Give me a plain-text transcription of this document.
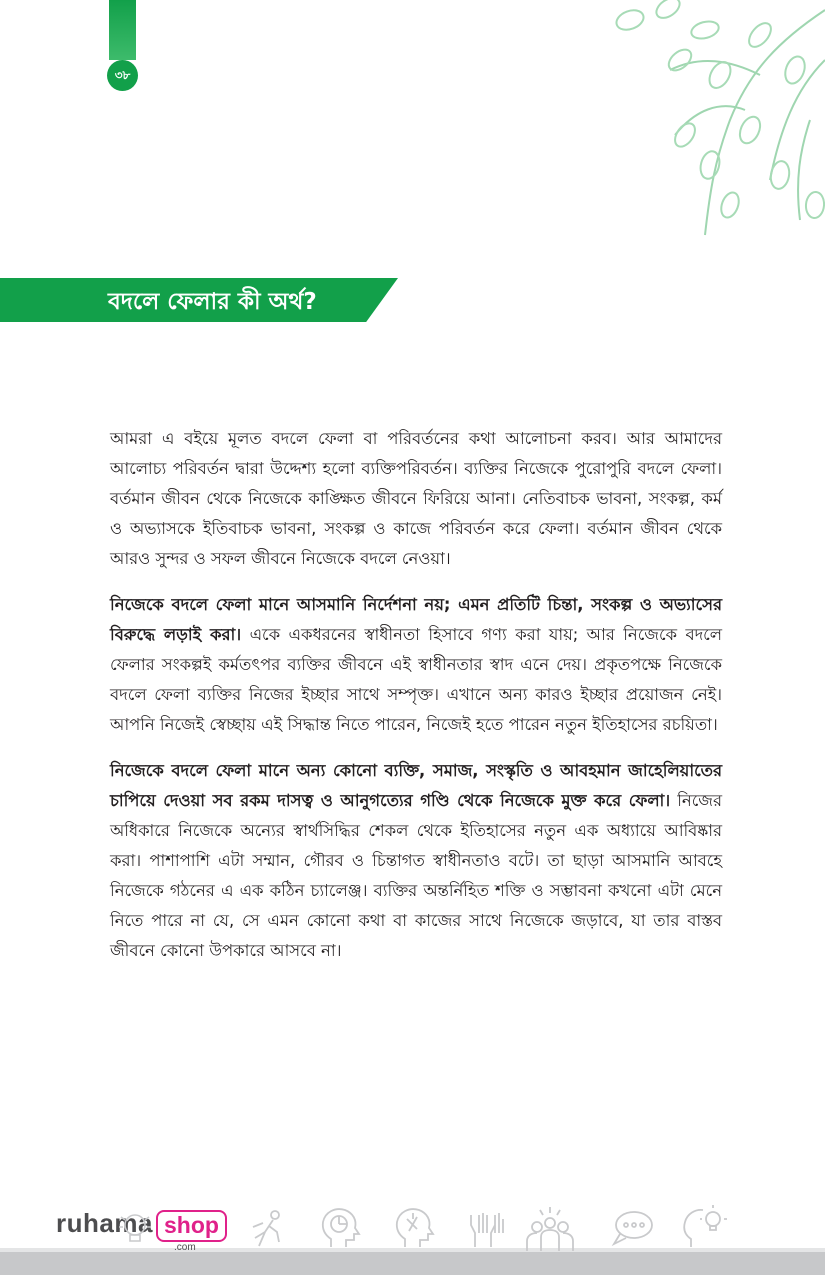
৩৮
বদলে ফেলার কী অর্থ?

আমরা এ বইয়ে মূলত বদলে ফেলা বা পরিবর্তনের কথা আলোচনা করব। আর আমাদের আলোচ্য পরিবর্তন দ্বারা উদ্দেশ্য হলো ব্যক্তিপরিবর্তন। ব্যক্তির নিজেকে পুরোপুরি বদলে ফেলা। বর্তমান জীবন থেকে নিজেকে কাঙ্ক্ষিত জীবনে ফিরিয়ে আনা। নেতিবাচক ভাবনা, সংকল্প, কর্ম ও অভ্যাসকে ইতিবাচক ভাবনা, সংকল্প ও কাজে পরিবর্তন করে ফেলা। বর্তমান জীবন থেকে আরও সুন্দর ও সফল জীবনে নিজেকে বদলে নেওয়া।

নিজেকে বদলে ফেলা মানে আসমানি নির্দেশনা নয়; এমন প্রতিটি চিন্তা, সংকল্প ও অভ্যাসের বিরুদ্ধে লড়াই করা। একে একধরনের স্বাধীনতা হিসাবে গণ্য করা যায়; আর নিজেকে বদলে ফেলার সংকল্পই কর্মতৎপর ব্যক্তির জীবনে এই স্বাধীনতার স্বাদ এনে দেয়। প্রকৃতপক্ষে নিজেকে বদলে ফেলা ব্যক্তির নিজের ইচ্ছার সাথে সম্পৃক্ত। এখানে অন্য কারও ইচ্ছার প্রয়োজন নেই। আপনি নিজেই স্বেচ্ছায় এই সিদ্ধান্ত নিতে পারেন, নিজেই হতে পারেন নতুন ইতিহাসের রচয়িতা।

নিজেকে বদলে ফেলা মানে অন্য কোনো ব্যক্তি, সমাজ, সংস্কৃতি ও আবহমান জাহেলিয়াতের চাপিয়ে দেওয়া সব রকম দাসত্ব ও আনুগত্যের গণ্ডি থেকে নিজেকে মুক্ত করে ফেলা। নিজের অধিকারে নিজেকে অন্যের স্বার্থসিদ্ধির শেকল থেকে ইতিহাসের নতুন এক অধ্যায়ে আবিষ্কার করা। পাশাপাশি এটা সম্মান, গৌরব ও চিন্তাগত স্বাধীনতাও বটে। তা ছাড়া আসমানি আবহে নিজেকে গঠনের এ এক কঠিন চ্যালেঞ্জ। ব্যক্তির অন্তর্নিহিত শক্তি ও সম্ভাবনা কখনো এটা মেনে নিতে পারে না যে, সে এমন কোনো কথা বা কাজের সাথে নিজেকে জড়াবে, যা তার বাস্তব জীবনে কোনো উপকারে আসবে না।

ruhama shop
.com
